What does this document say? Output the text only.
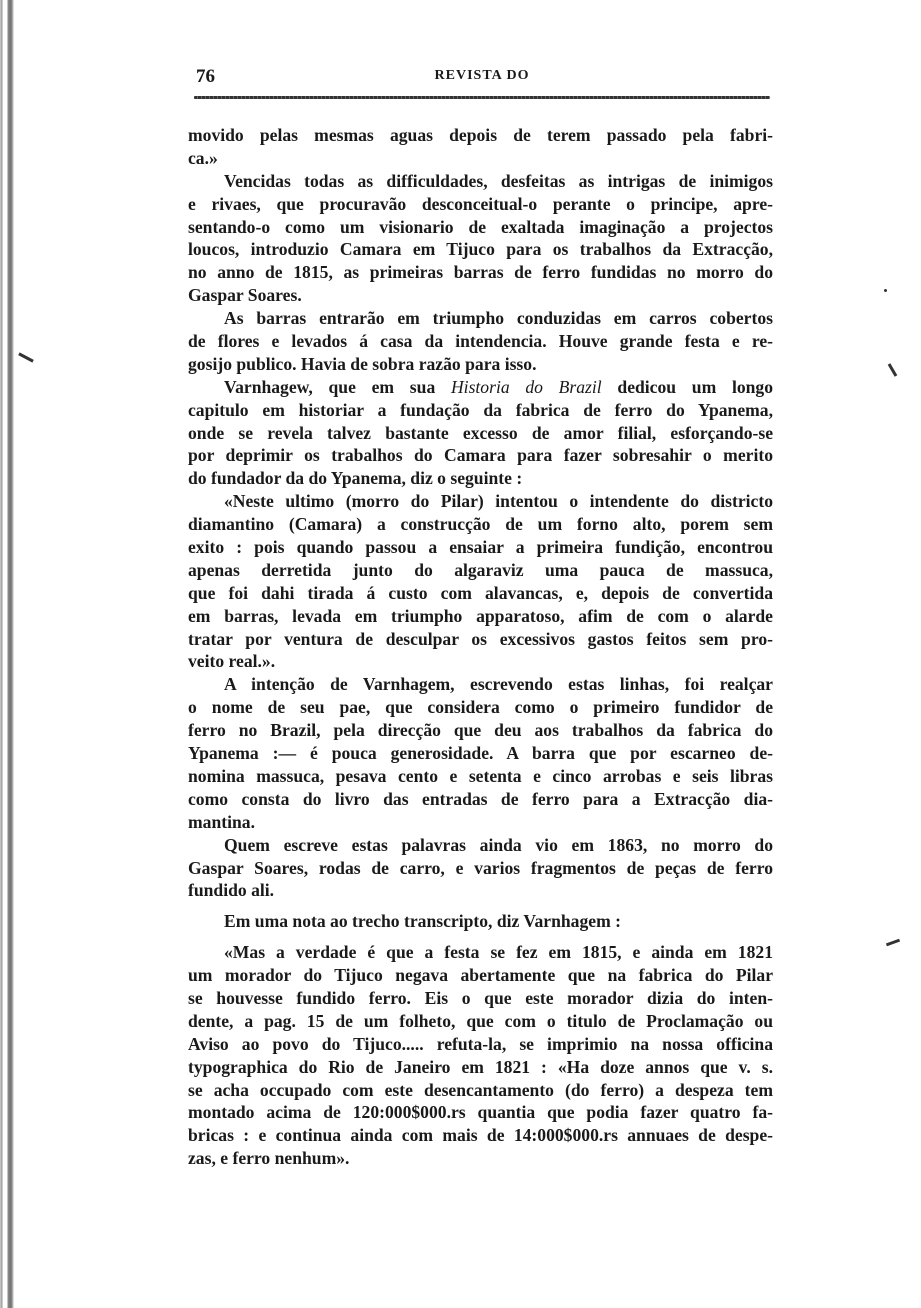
76	REVISTA DO
movido pelas mesmas aguas depois de terem passado pela fabri-
ca.»
Vencidas todas as difficuldades, desfeitas as intrigas de inimigos
e rivaes, que procuravão desconceitual-o perante o principe, apre-
sentando-o como um visionario de exaltada imaginação a projectos
loucos, introduzio Camara em Tijuco para os trabalhos da Extracção,
no anno de 1815, as primeiras barras de ferro fundidas no morro do
Gaspar Soares.
As barras entrarão em triumpho conduzidas em carros cobertos
de flores e levados á casa da intendencia. Houve grande festa e re-
gosijo publico. Havia de sobra razão para isso.
Varnhagew, que em sua Historia do Brazil dedicou um longo
capitulo em historiar a fundação da fabrica de ferro do Ypanema,
onde se revela talvez bastante excesso de amor filial, esforçando-se
por deprimir os trabalhos do Camara para fazer sobresahir o merito
do fundador da do Ypanema, diz o seguinte :
«Neste ultimo (morro do Pilar) intentou o intendente do districto
diamantino (Camara) a construcção de um forno alto, porem sem
exito : pois quando passou a ensaiar a primeira fundição, encontrou
apenas derretida junto do algaraviz uma pauca de massuca,
que foi dahi tirada á custo com alavancas, e, depois de convertida
em barras, levada em triumpho apparatoso, afim de com o alarde
tratar por ventura de desculpar os excessivos gastos feitos sem pro-
veito real.».
A intenção de Varnhagem, escrevendo estas linhas, foi realçar
o nome de seu pae, que considera como o primeiro fundidor de
ferro no Brazil, pela direcção que deu aos trabalhos da fabrica do
Ypanema :— é pouca generosidade. A barra que por escarneo de-
nomina massuca, pesava cento e setenta e cinco arrobas e seis libras
como consta do livro das entradas de ferro para a Extracção dia-
mantina.
Quem escreve estas palavras ainda vio em 1863, no morro do
Gaspar Soares, rodas de carro, e varios fragmentos de peças de ferro
fundido ali.
Em uma nota ao trecho transcripto, diz Varnhagem :
«Mas a verdade é que a festa se fez em 1815, e ainda em 1821
um morador do Tijuco negava abertamente que na fabrica do Pilar
se houvesse fundido ferro. Eis o que este morador dizia do inten-
dente, a pag. 15 de um folheto, que com o titulo de Proclamação ou
Aviso ao povo do Tijuco..... refuta-la, se imprimio na nossa officina
typographica do Rio de Janeiro em 1821 : «Ha doze annos que v. s.
se acha occupado com este desencantamento (do ferro) a despeza tem
montado acima de 120:000$000.rs quantia que podia fazer quatro fa-
bricas : e continua ainda com mais de 14:000$000.rs annuaes de despe-
zas, e ferro nenhum».
